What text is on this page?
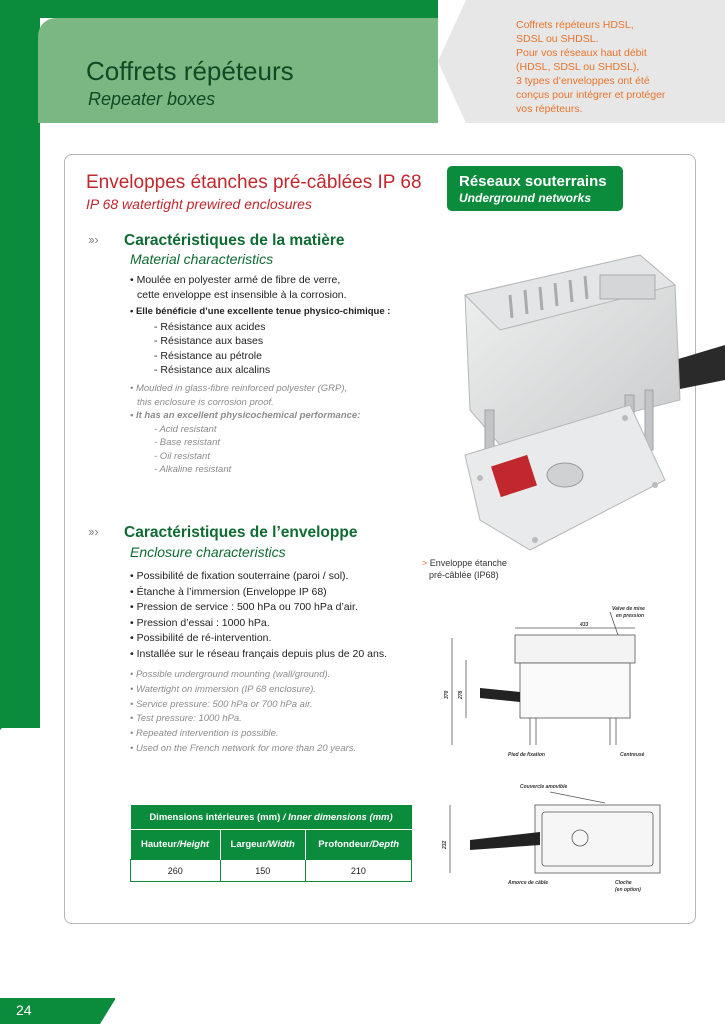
Coffrets répéteurs
Repeater boxes
Coffrets répéteurs HDSL,
SDSL ou SHDSL.
Pour vos réseaux haut débit
(HDSL, SDSL ou SHDSL),
3 types d’enveloppes ont été
conçus pour intégrer et protéger
vos répéteurs.
Enveloppes étanches pré-câblées IP 68
IP 68 watertight prewired enclosures
Réseaux souterrains
Underground networks
›› › Caractéristiques de la matière
Material characteristics
• Moulée en polyester armé de fibre de verre,
cette enveloppe est insensible à la corrosion.
• Elle bénéficie d’une excellente tenue physico-chimique :
- Résistance aux acides
- Résistance aux bases
- Résistance au pétrole
- Résistance aux alcalins
• Moulded in glass-fibre reinforced polyester (GRP),
this enclosure is corrosion proof.
• It has an excellent physicochemical performance:
- Acid resistant
- Base resistant
- Oil resistant
- Alkaline resistant
›› › Caractéristiques de l’enveloppe
Enclosure characteristics
• Possibilité de fixation souterraine (paroi / sol).
• Étanche à l’immersion (Enveloppe IP 68)
• Pression de service : 500 hPa ou 700 hPa d’air.
• Pression d’essai : 1000 hPa.
• Possibilité de ré-intervention.
• Installée sur le réseau français depuis plus de 20 ans.
• Possible underground mounting (wall/ground).
• Watertight on immersion (IP 68 enclosure).
• Service pressure: 500 hPa or 700 hPa air.
• Test pressure: 1000 hPa.
• Repeated intervention is possible.
• Used on the French network for more than 20 years.
Dimensions intérieures (mm) / Inner dimensions (mm)		
Hauteur/Height	Largeur/Width	Profondeur/Depth
260	150	210
> Enveloppe étanche
pré-câblée (IP68)
Valve de mise
en pression
433
370 278
Pied de fixation	Centreusé
Couvercle amovible
232
Amorce de câble	Cloche
(en option)
24
